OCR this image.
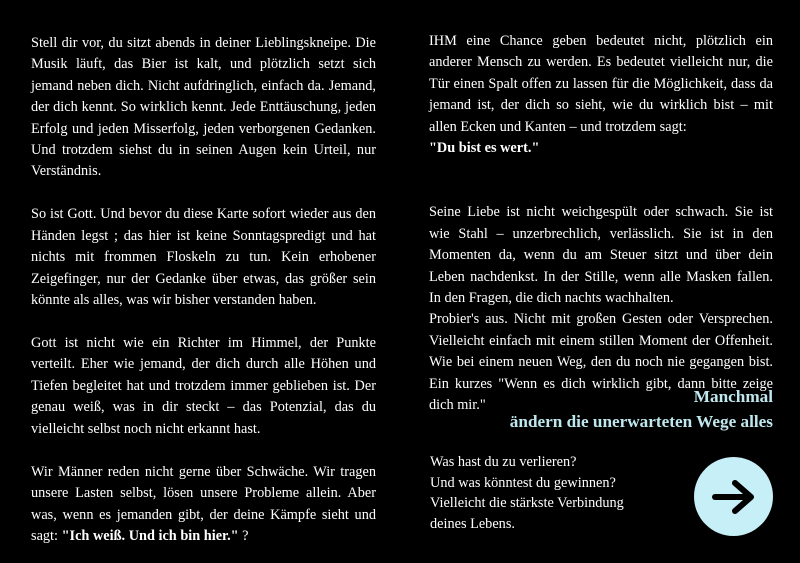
Stell dir vor, du sitzt abends in deiner Lieblingskneipe. Die Musik läuft, das Bier ist kalt, und plötzlich setzt sich jemand neben dich. Nicht aufdringlich, einfach da. Jemand, der dich kennt. So wirklich kennt. Jede Enttäuschung, jeden Erfolg und jeden Misserfolg, jeden verborgenen Gedanken. Und trotzdem siehst du in seinen Augen kein Urteil, nur Verständnis.

So ist Gott. Und bevor du diese Karte sofort wieder aus den Händen legst ; das hier ist keine Sonntagspredigt und hat nichts mit frommen Floskeln zu tun. Kein erhobener Zeigefinger, nur der Gedanke über etwas, das größer sein könnte als alles, was wir bisher verstanden haben.

Gott ist nicht wie ein Richter im Himmel, der Punkte verteilt. Eher wie jemand, der dich durch alle Höhen und Tiefen begleitet hat und trotzdem immer geblieben ist. Der genau weiß, was in dir steckt – das Potenzial, das du vielleicht selbst noch nicht erkannt hast.

Wir Männer reden nicht gerne über Schwäche. Wir tragen unsere Lasten selbst, lösen unsere Probleme allein. Aber was, wenn es jemanden gibt, der deine Kämpfe sieht und sagt: "Ich weiß. Und ich bin hier." ?

IHM eine Chance geben bedeutet nicht, plötzlich ein anderer Mensch zu werden. Es bedeutet vielleicht nur, die Tür einen Spalt offen zu lassen für die Möglichkeit, dass da jemand ist, der dich so sieht, wie du wirklich bist – mit allen Ecken und Kanten – und trotzdem sagt:
"Du bist es wert."

Seine Liebe ist nicht weichgespült oder schwach. Sie ist wie Stahl – unzerbrechlich, verlässlich. Sie ist in den Momenten da, wenn du am Steuer sitzt und über dein Leben nachdenkst. In der Stille, wenn alle Masken fallen. In den Fragen, die dich nachts wachhalten.

Probier's aus. Nicht mit großen Gesten oder Versprechen. Vielleicht einfach mit einem stillen Moment der Offenheit. Wie bei einem neuen Weg, den du noch nie gegangen bist. Ein kurzes "Wenn es dich wirklich gibt, dann bitte zeige dich mir."	Manchmal
ändern die unerwarteten Wege alles
Was hast du zu verlieren?
Und was könntest du gewinnen?
Vielleicht die stärkste Verbindung
deines Lebens.
